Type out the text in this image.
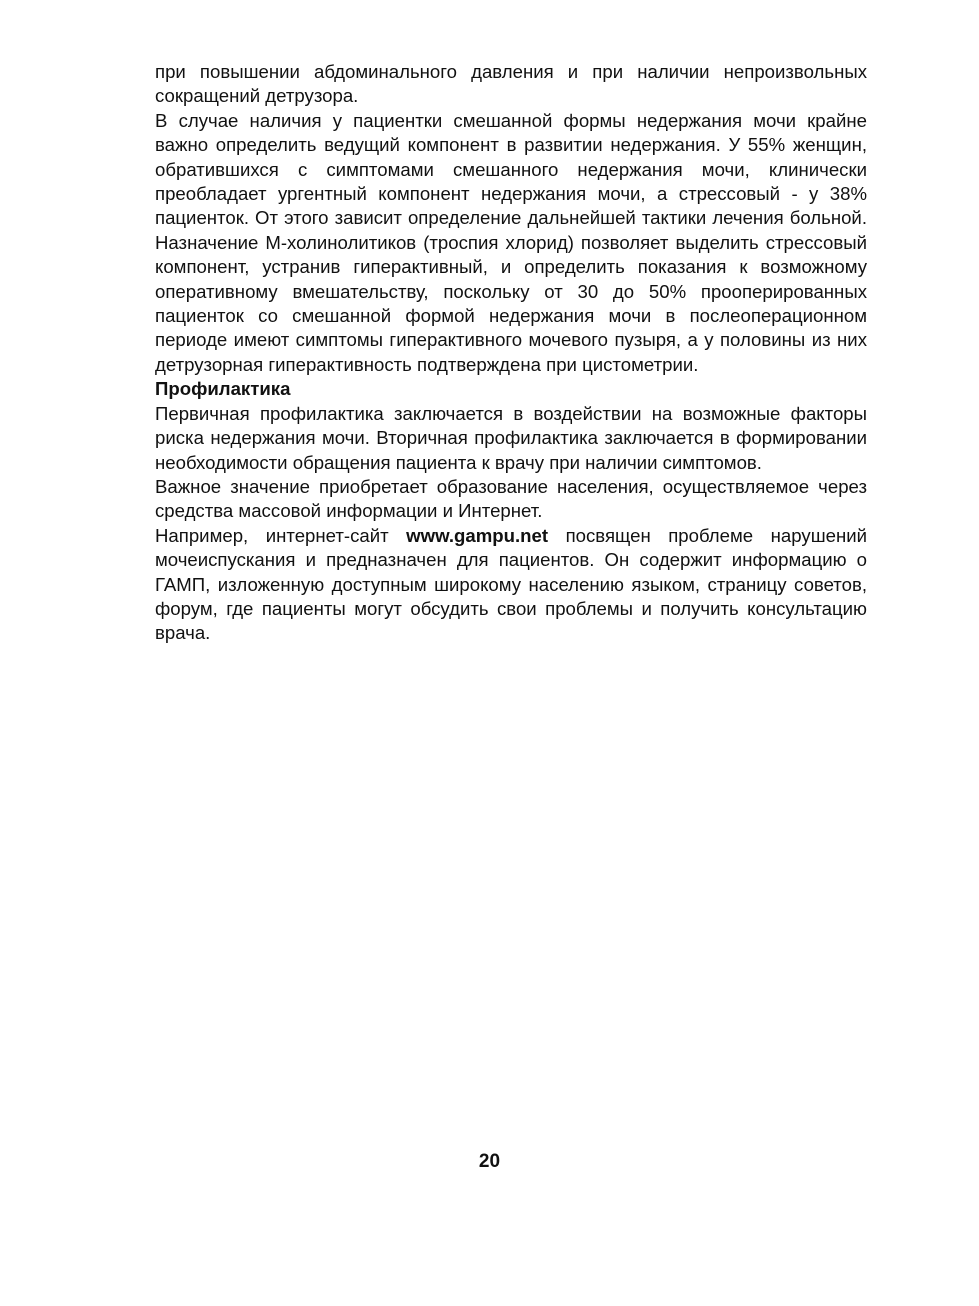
при повышении абдоминального давления и при наличии непроизвольных сокращений детрузора.

В случае наличия у пациентки смешанной формы недержания мочи крайне важно определить ведущий компонент в развитии недержания. У 55% женщин, обратившихся с симптомами смешанного недержания мочи, клинически преобладает ургентный компонент недержания мочи, а стрессовый - у 38% пациенток. От этого зависит определение дальнейшей тактики лечения больной. Назначение М-холинолитиков (троспия хлорид) позволяет выделить стрессовый компонент, устранив гиперактивный, и определить показания к возможному оперативному вмешательству, поскольку от 30 до 50% прооперированных пациенток со смешанной формой недержания мочи в послеоперационном периоде имеют симптомы гиперактивного мочевого пузыря, а у половины из них детрузорная гиперактивность подтверждена при цистометрии.

Профилактика

Первичная профилактика заключается в воздействии на возможные факторы риска недержания мочи. Вторичная профилактика заключается в формировании необходимости обращения пациента к врачу при наличии симптомов.

Важное значение приобретает образование населения, осуществляемое через средства массовой информации и Интернет.

Например, интернет-сайт www.gampu.net посвящен проблеме нарушений мочеиспускания и предназначен для пациентов. Он содержит информацию о ГАМП, изложенную доступным широкому населению языком, страницу советов, форум, где пациенты могут обсудить свои проблемы и получить консультацию врача.

20
